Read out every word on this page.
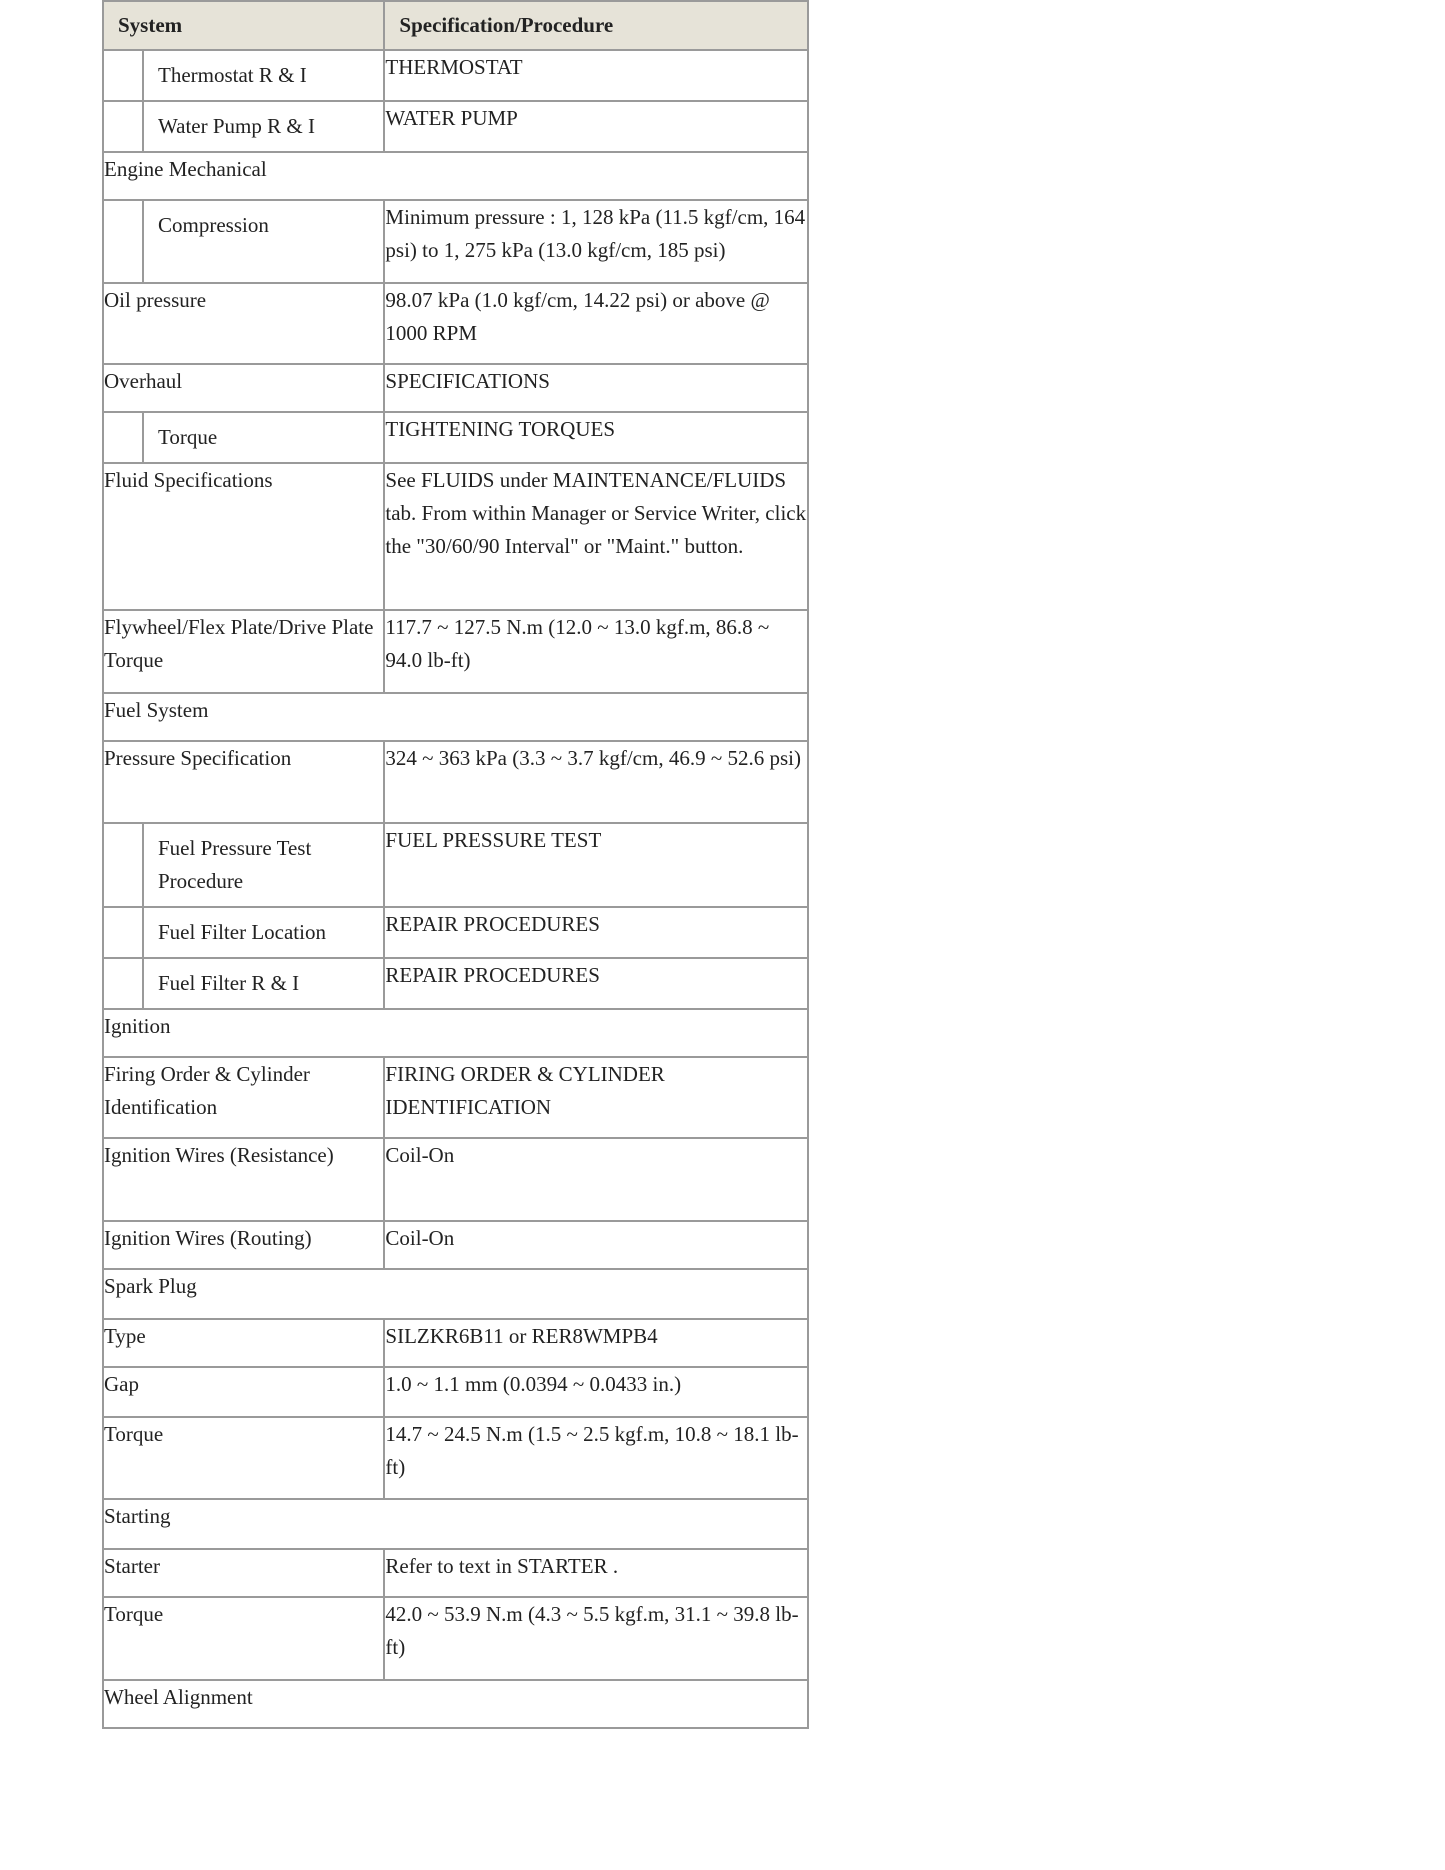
System	Specification/Procedure

Thermostat R & I	THERMOSTAT

Water Pump R & I	WATER PUMP
Engine Mechanical	

Compression	Minimum pressure : 1, 128 kPa (11.5 kgf/cm, 164 psi) to 1, 275 kPa (13.0 kgf/cm, 185 psi)
Oil pressure	98.07 kPa (1.0 kgf/cm, 14.22 psi) or above @ 1000 RPM
Overhaul	SPECIFICATIONS

Torque	TIGHTENING TORQUES
Fluid Specifications	See FLUIDS under MAINTENANCE/FLUIDS tab. From within Manager or Service Writer, click the "30/60/90 Interval" or "Maint." button.
Flywheel/Flex Plate/Drive Plate Torque	117.7 ~ 127.5 N.m (12.0 ~ 13.0 kgf.m, 86.8 ~ 94.0 lb-ft)
Fuel System	
Pressure Specification	324 ~ 363 kPa (3.3 ~ 3.7 kgf/cm, 46.9 ~ 52.6 psi)

Fuel Pressure Test Procedure	FUEL PRESSURE TEST

Fuel Filter Location	REPAIR PROCEDURES

Fuel Filter R & I	REPAIR PROCEDURES
Ignition	
Firing Order & Cylinder Identification	FIRING ORDER & CYLINDER IDENTIFICATION
Ignition Wires (Resistance)	Coil-On
Ignition Wires (Routing)	Coil-On
Spark Plug	
Type	SILZKR6B11 or RER8WMPB4
Gap	1.0 ~ 1.1 mm (0.0394 ~ 0.0433 in.)
Torque	14.7 ~ 24.5 N.m (1.5 ~ 2.5 kgf.m, 10.8 ~ 18.1 lb-ft)
Starting	
Starter	Refer to text in STARTER .
Torque	42.0 ~ 53.9 N.m (4.3 ~ 5.5 kgf.m, 31.1 ~ 39.8 lb-ft)
Wheel Alignment	
